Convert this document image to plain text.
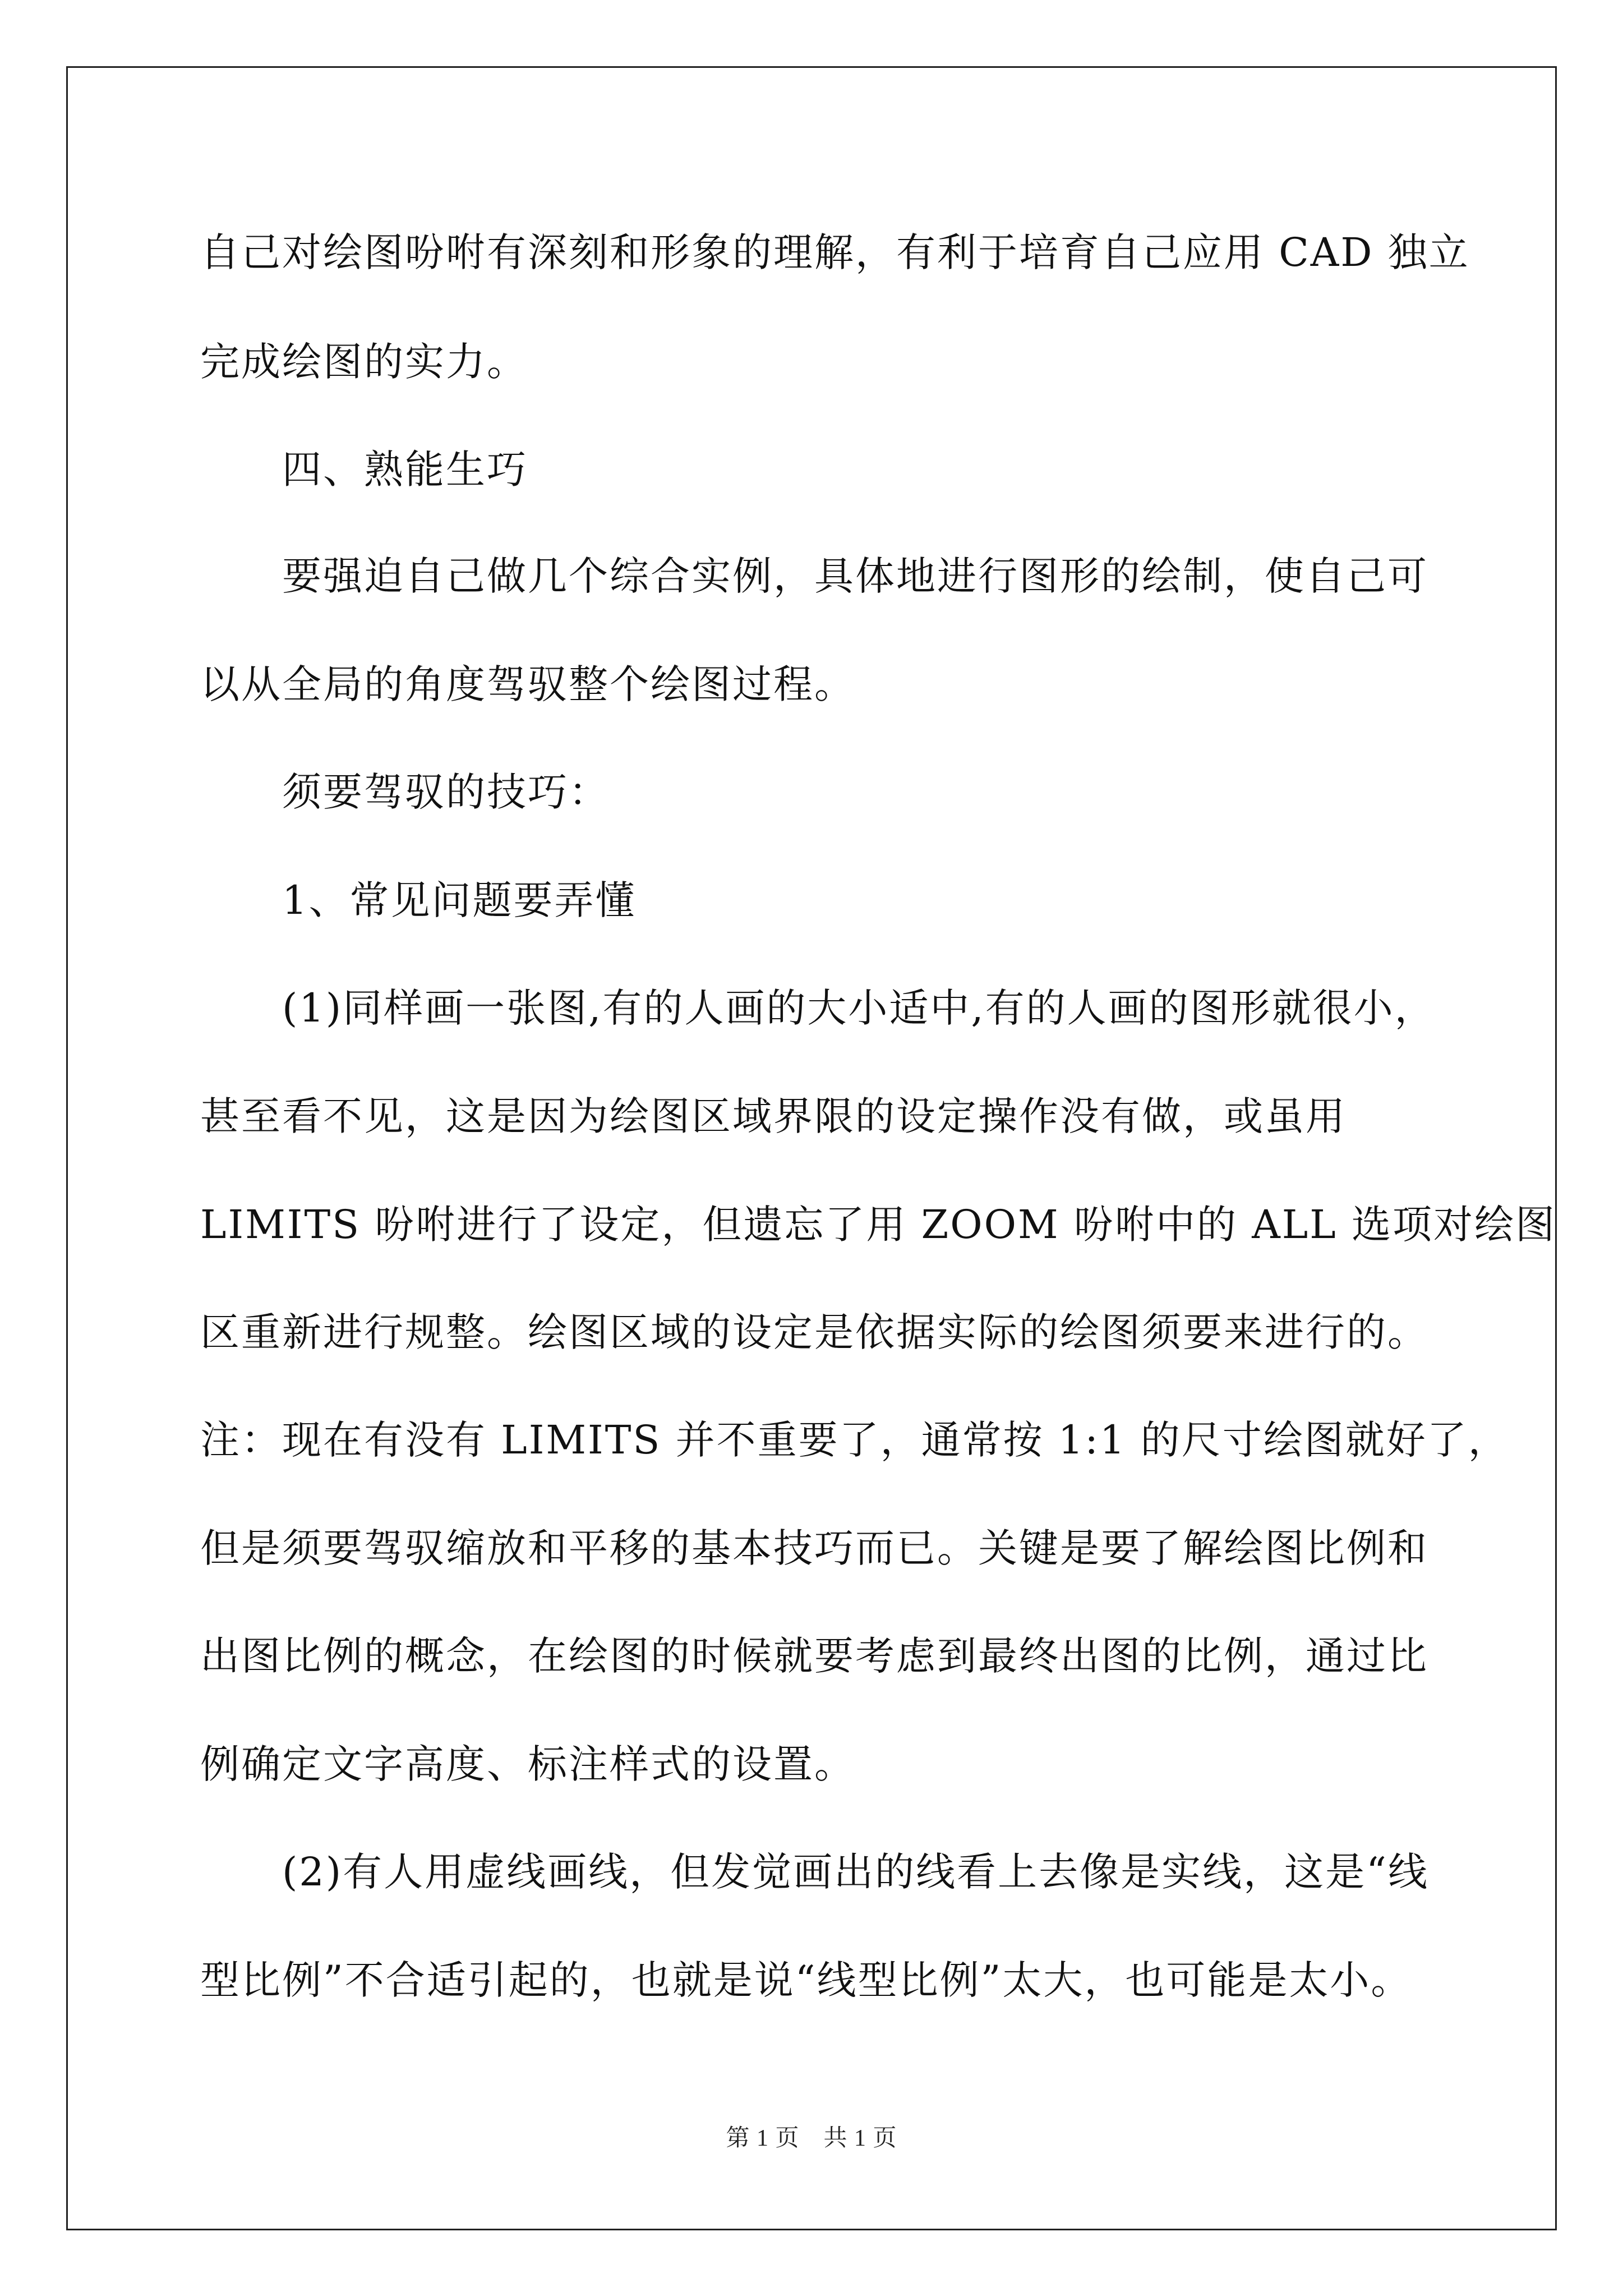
自己对绘图吩咐有深刻和形象的理解，有利于培育自己应用 CAD 独立
完成绘图的实力。
四、熟能生巧
要强迫自己做几个综合实例，具体地进行图形的绘制，使自己可
以从全局的角度驾驭整个绘图过程。
须要驾驭的技巧：
1、常见问题要弄懂
(1)同样画一张图,有的人画的大小适中,有的人画的图形就很小，
甚至看不见，这是因为绘图区域界限的设定操作没有做，或虽用
LIMITS 吩咐进行了设定，但遗忘了用 ZOOM 吩咐中的 ALL 选项对绘图
区重新进行规整。绘图区域的设定是依据实际的绘图须要来进行的。
注：现在有没有 LIMITS 并不重要了，通常按 1:1 的尺寸绘图就好了，
但是须要驾驭缩放和平移的基本技巧而已。关键是要了解绘图比例和
出图比例的概念，在绘图的时候就要考虑到最终出图的比例，通过比
例确定文字高度、标注样式的设置。
(2)有人用虚线画线，但发觉画出的线看上去像是实线，这是“线
型比例”不合适引起的，也就是说“线型比例”太大，也可能是太小。
第 1 页　共 1 页
